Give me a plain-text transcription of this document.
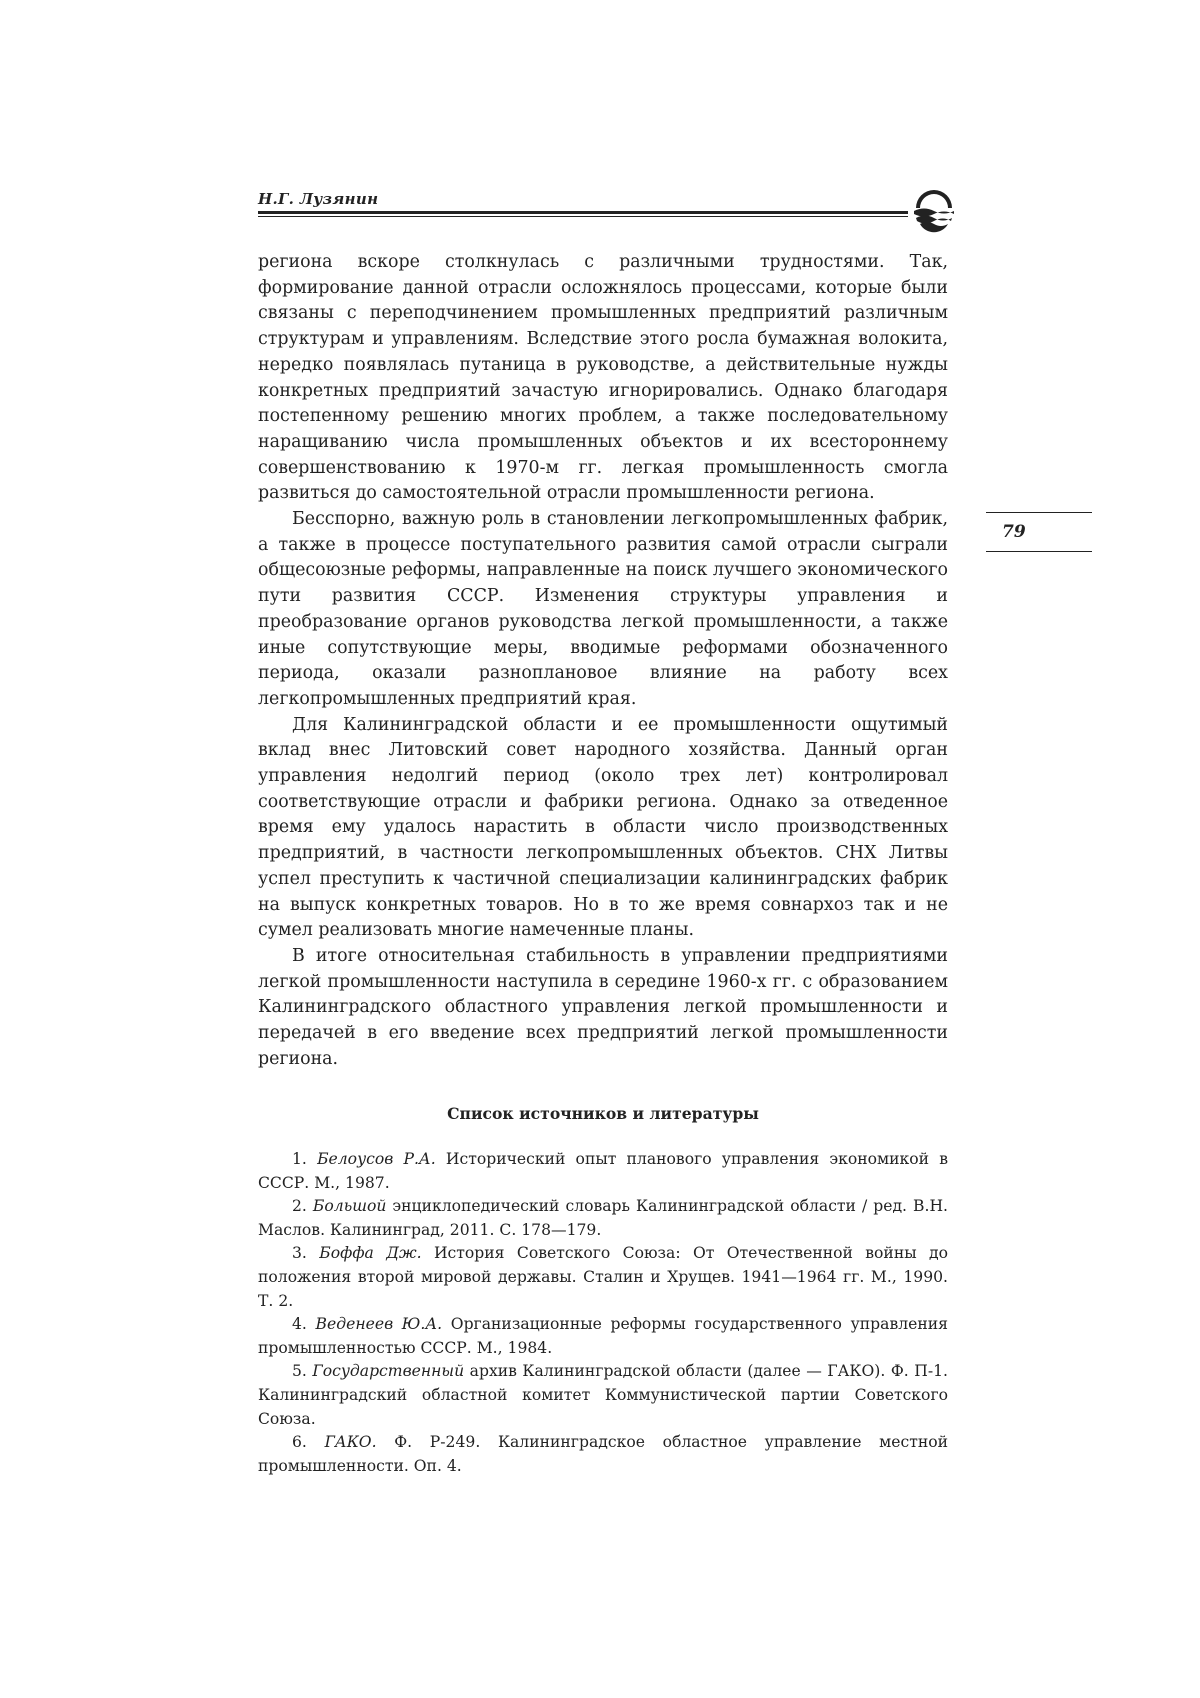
Н.Г. Лузянин
79

региона вскоре столкнулась с различными трудностями. Так, формирование данной отрасли осложнялось процессами, которые были связаны с переподчинением промышленных предприятий различным структурам и управлениям. Вследствие этого росла бумажная волокита, нередко появлялась путаница в руководстве, а действительные нужды конкретных предприятий зачастую игнорировались. Однако благодаря постепенному решению многих проблем, а также последовательному наращиванию числа промышленных объектов и их всестороннему совершенствованию к 1970-м гг. легкая промышленность смогла развиться до самостоятельной отрасли промышленности региона.

Бесспорно, важную роль в становлении легкопромышленных фабрик, а также в процессе поступательного развития самой отрасли сыграли общесоюзные реформы, направленные на поиск лучшего экономического пути развития СССР. Изменения структуры управления и преобразование органов руководства легкой промышленности, а также иные сопутствующие меры, вводимые реформами обозначенного периода, оказали разноплановое влияние на работу всех легкопромышленных предприятий края.

Для Калининградской области и ее промышленности ощутимый вклад внес Литовский совет народного хозяйства. Данный орган управления недолгий период (около трех лет) контролировал соответствующие отрасли и фабрики региона. Однако за отведенное время ему удалось нарастить в области число производственных предприятий, в частности легкопромышленных объектов. СНХ Литвы успел преступить к частичной специализации калининградских фабрик на выпуск конкретных товаров. Но в то же время совнархоз так и не сумел реализовать многие намеченные планы.

В итоге относительная стабильность в управлении предприятиями легкой промышленности наступила в середине 1960-х гг. с образованием Калининградского областного управления легкой промышленности и передачей в его введение всех предприятий легкой промышленности региона.

Список источников и литературы
1. Белоусов Р.А. Исторический опыт планового управления экономикой в СССР. М., 1987.
2. Большой энциклопедический словарь Калининградской области / ред. В.Н. Маслов. Калининград, 2011. С. 178—179.
3. Боффа Дж. История Советского Союза: От Отечественной войны до положения второй мировой державы. Сталин и Хрущев. 1941—1964 гг. М., 1990. Т. 2.
4. Веденеев Ю.А. Организационные реформы государственного управления промышленностью СССР. М., 1984.
5. Государственный архив Калининградской области (далее — ГАКО). Ф. П-1. Калининградский областной комитет Коммунистической партии Советского Союза.
6. ГАКО. Ф. Р-249. Калининградское областное управление местной промышленности. Оп. 4.
